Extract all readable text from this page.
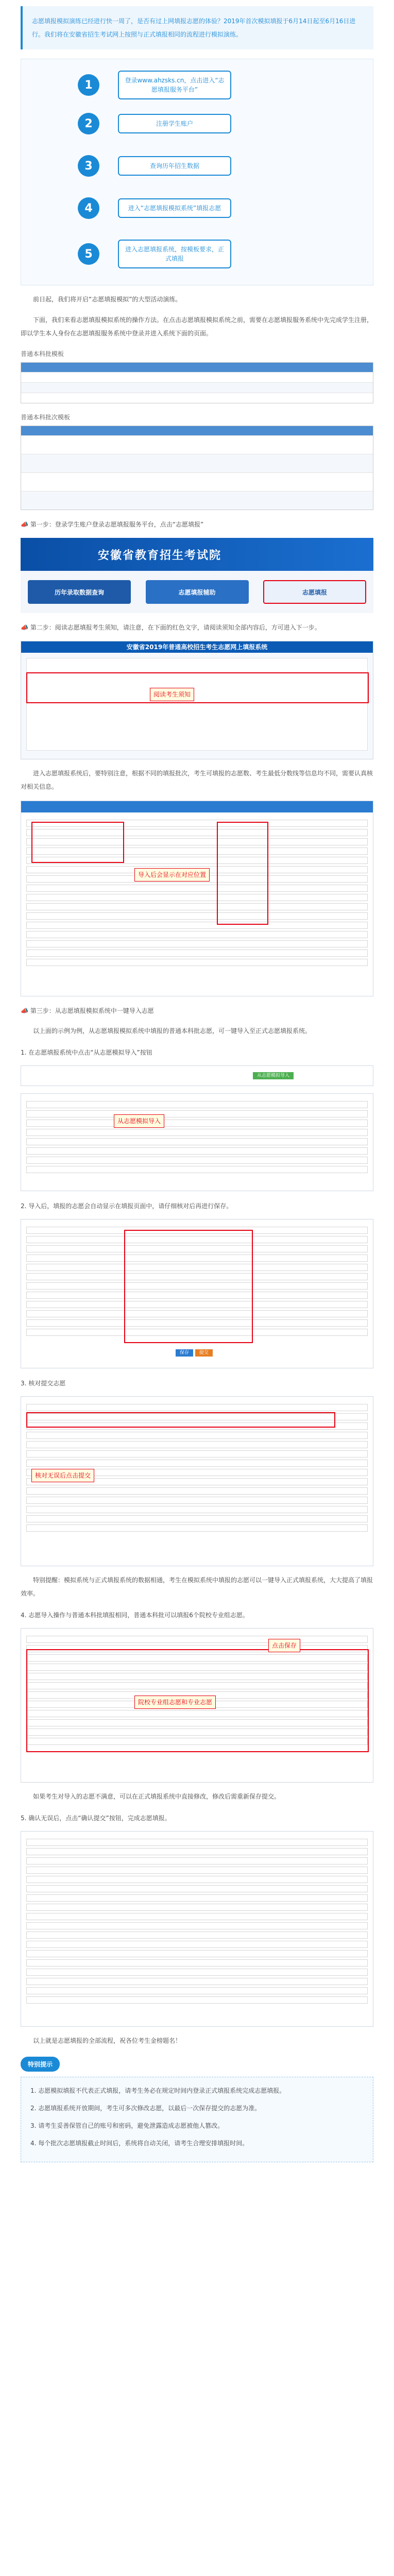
志愿填报模拟演练已经进行快一周了，是否有过上网填报志愿的体验？2019年首次模拟填报于6月14日起至6月16日进行。我们将在安徽省招生考试网上按照与正式填报相同的流程进行模拟演练。
1	登录www.ahzsks.cn，点击进入“志愿填报服务平台”
2	注册学生账户
3	查询历年招生数据
4	进入“志愿填报模拟系统”填报志愿
5	进入志愿填报系统，按模板要求，正式填报

前日起，我们将开启“志愿填报模拟”的大型活动演练。

下面，我们来看志愿填报模拟系统的操作方法。在点击志愿填报模拟系统之前，需要在志愿填报服务系统中先完成学生注册，即以学生本人身份在志愿填报服务系统中登录并进入系统下面的页面。

普通本科批模板
普通本科批次模板
📣 第一步：登录学生账户登录志愿填报服务平台，点击“志愿填报”
安徽省教育招生考试院
历年录取数据查询	志愿填报辅助	志愿填报
📣 第二步：阅读志愿填报考生须知，请注意，在下面的红色文字，请阅读须知全部内容后，方可进入下一步。
安徽省2019年普通高校招生考生志愿网上填报系统
阅读考生须知

进入志愿填报系统后，要特别注意，根据不同的填报批次，考生可填报的志愿数、考生最低分数线等信息均不同，需要认真核对相关信息。

导入后会显示在对应位置
📣 第三步：从志愿填报模拟系统中一键导入志愿

以上面的示例为例，从志愿填报模拟系统中填报的普通本科批志愿，可一键导入至正式志愿填报系统。

1. 在志愿填报系统中点击“从志愿模拟导入”按钮
从志愿模拟导入
从志愿模拟导入
2. 导入后，填报的志愿会自动显示在填报页面中，请仔细核对后再进行保存。
保存 提交
3. 核对提交志愿
核对无误后点击提交

特别提醒：模拟系统与正式填报系统的数据相通，考生在模拟系统中填报的志愿可以一键导入正式填报系统，大大提高了填报效率。

4. 志愿导入操作与普通本科批填报相同，普通本科批可以填报6个院校专业组志愿。
院校专业组志愿和专业志愿
点击保存

如果考生对导入的志愿不满意，可以在正式填报系统中直接修改，修改后需重新保存提交。

5. 确认无误后，点击“确认提交”按钮，完成志愿填报。

以上就是志愿填报的全部流程，祝各位考生金榜题名！

特别提示

1. 志愿模拟填报不代表正式填报，请考生务必在规定时间内登录正式填报系统完成志愿填报。

2. 志愿填报系统开放期间，考生可多次修改志愿，以最后一次保存提交的志愿为准。

3. 请考生妥善保管自己的账号和密码，避免泄露造成志愿被他人篡改。

4. 每个批次志愿填报截止时间后，系统将自动关闭，请考生合理安排填报时间。
